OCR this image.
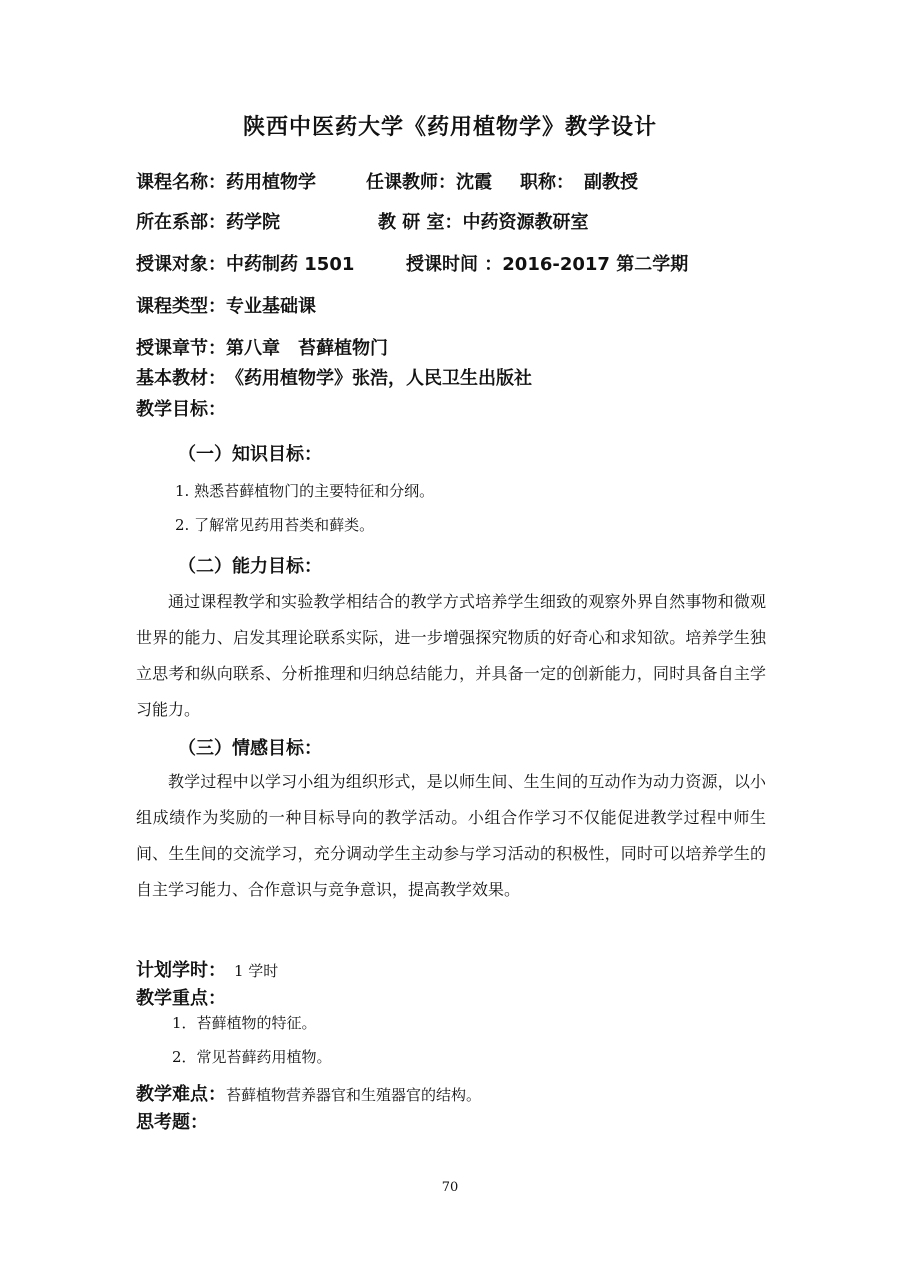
陕西中医药大学《药用植物学》教学设计
课程名称：药用植物学	任课教师：沈霞 职称： 副教授
所在系部：药学院	教 研 室：中药资源教研室
授课对象：中药制药 1501	授课时间 ：2016-2017 第二学期
课程类型：专业基础课
授课章节：第八章　苔藓植物门
基本教材：《药用植物学》张浩，人民卫生出版社
教学目标：
（一）知识目标：
1. 熟悉苔藓植物门的主要特征和分纲。
2. 了解常见药用苔类和藓类。
（二）能力目标：
通过课程教学和实验教学相结合的教学方式培养学生细致的观察外界自然事物和微观世界的能力、启发其理论联系实际，进一步增强探究物质的好奇心和求知欲。培养学生独立思考和纵向联系、分析推理和归纳总结能力，并具备一定的创新能力，同时具备自主学习能力。
（三）情感目标：
教学过程中以学习小组为组织形式，是以师生间、生生间的互动作为动力资源，以小组成绩作为奖励的一种目标导向的教学活动。小组合作学习不仅能促进教学过程中师生间、生生间的交流学习，充分调动学生主动参与学习活动的积极性，同时可以培养学生的自主学习能力、合作意识与竞争意识，提高教学效果。
计划学时： 1 学时
教学重点：
1．苔藓植物的特征。
2．常见苔藓药用植物。
教学难点：苔藓植物营养器官和生殖器官的结构。
思考题：
70
